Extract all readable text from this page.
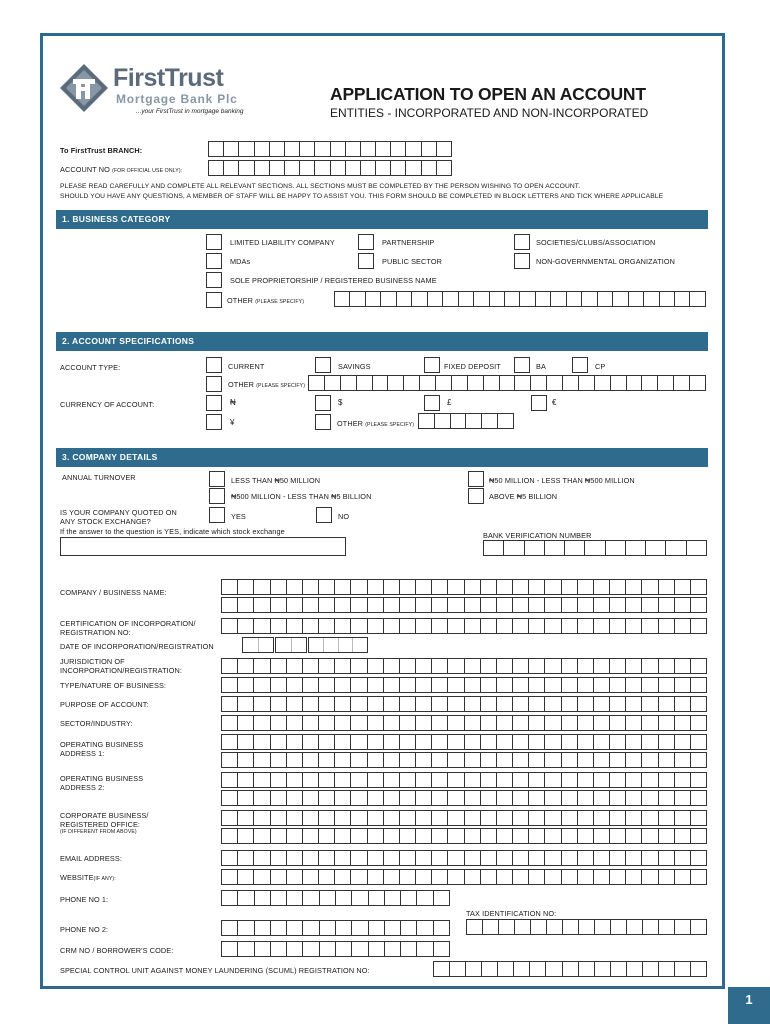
FirstTrust
Mortgage Bank Plc
...your FirstTrust in mortgage banking
APPLICATION TO OPEN AN ACCOUNT
ENTITIES - INCORPORATED AND NON-INCORPORATED
To FirstTrust BRANCH:
ACCOUNT NO (FOR OFFICIAL USE ONLY):
PLEASE READ CAREFULLY AND COMPLETE ALL RELEVANT SECTIONS. ALL SECTIONS MUST BE COMPLETED BY THE PERSON WISHING TO OPEN ACCOUNT.
SHOULD YOU HAVE ANY QUESTIONS, A MEMBER OF STAFF WILL BE HAPPY TO ASSIST YOU. THIS FORM SHOULD BE COMPLETED IN BLOCK LETTERS AND TICK WHERE APPLICABLE
1. BUSINESS CATEGORY
LIMITED LIABILITY COMPANY	PARTNERSHIP	SOCIETIES/CLUBS/ASSOCIATION
MDAs	PUBLIC SECTOR	NON-GOVERNMENTAL ORGANIZATION
SOLE PROPRIETORSHIP / REGISTERED BUSINESS NAME
OTHER (PLEASE SPECIFY)
2. ACCOUNT SPECIFICATIONS
ACCOUNT TYPE:	CURRENT	SAVINGS	FIXED DEPOSIT	BA	CP
OTHER (PLEASE SPECIFY)
CURRENCY OF ACCOUNT:	₦	$	£	€
¥	OTHER (PLEASE SPECIFY)
3. COMPANY DETAILS
ANNUAL TURNOVER	LESS THAN ₦50 MILLION	₦50 MILLION - LESS THAN ₦500 MILLION
₦500 MILLION - LESS THAN ₦5 BILLION	ABOVE ₦5 BILLION
IS YOUR COMPANY QUOTED ON
ANY STOCK EXCHANGE?
YES	NO
If the answer to the question is YES, indicate which stock exchange	BANK VERIFICATION NUMBER
COMPANY / BUSINESS NAME:
CERTIFICATION OF INCORPORATION/
REGISTRATION NO:
DATE OF INCORPORATION/REGISTRATION
JURISDICTION OF
INCORPORATION/REGISTRATION:
TYPE/NATURE OF BUSINESS:
PURPOSE OF ACCOUNT:
SECTOR/INDUSTRY:
OPERATING BUSINESS
ADDRESS 1:
OPERATING BUSINESS
ADDRESS 2:
CORPORATE BUSINESS/
REGISTERED OFFICE:
(IF DIFFERENT FROM ABOVE)
EMAIL ADDRESS:
WEBSITE(IF ANY):
PHONE NO 1:
TAX IDENTIFICATION NO:
PHONE NO 2:
CRM NO / BORROWER'S CODE:
SPECIAL CONTROL UNIT AGAINST MONEY LAUNDERING (SCUML) REGISTRATION NO:
1
